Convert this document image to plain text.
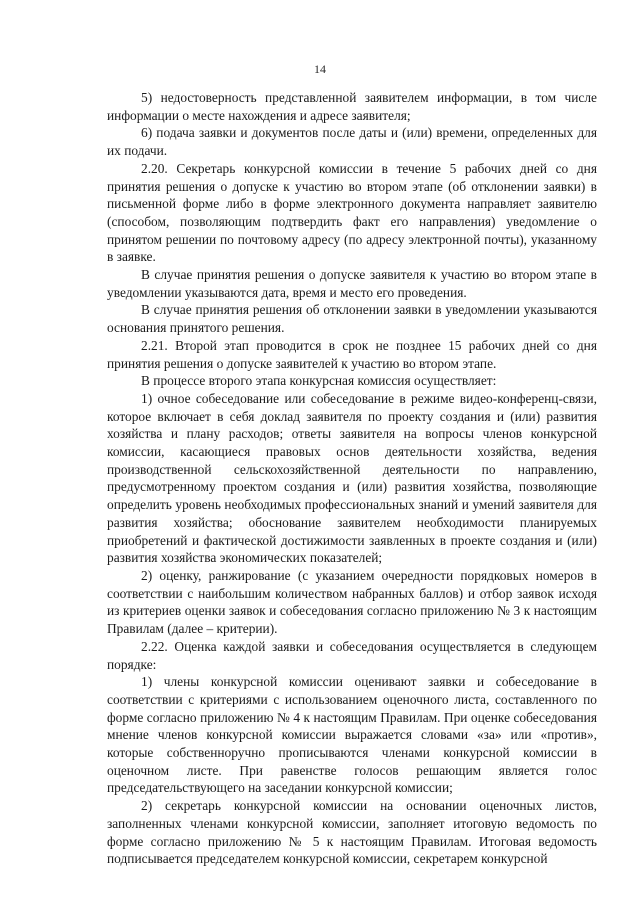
14

5) недостоверность представленной заявителем информации, в том числе информации о месте нахождения и адресе заявителя;

6) подача заявки и документов после даты и (или) времени, определенных для их подачи.

2.20. Секретарь конкурсной комиссии в течение 5 рабочих дней со дня принятия решения о допуске к участию во втором этапе (об отклонении заявки) в письменной форме либо в форме электронного документа направляет заявителю (способом, позволяющим подтвердить факт его направления) уведомление о принятом решении по почтовому адресу (по адресу электронной почты), указанному в заявке.

В случае принятия решения о допуске заявителя к участию во втором этапе в уведомлении указываются дата, время и место его проведения.

В случае принятия решения об отклонении заявки в уведомлении указываются основания принятого решения.

2.21. Второй этап проводится в срок не позднее 15 рабочих дней со дня принятия решения о допуске заявителей к участию во втором этапе.

В процессе второго этапа конкурсная комиссия осуществляет:

1) очное собеседование или собеседование в режиме видео-конференц-связи, которое включает в себя доклад заявителя по проекту создания и (или) развития хозяйства и плану расходов; ответы заявителя на вопросы членов конкурсной комиссии, касающиеся правовых основ деятельности хозяйства, ведения производственной сельскохозяйственной деятельности по направлению, предусмотренному проектом создания и (или) развития хозяйства, позволяющие определить уровень необходимых профессиональных знаний и умений заявителя для развития хозяйства; обоснование заявителем необходимости планируемых приобретений и фактической достижимости заявленных в проекте создания и (или) развития хозяйства экономических показателей;

2) оценку, ранжирование (с указанием очередности порядковых номеров в соответствии с наибольшим количеством набранных баллов) и отбор заявок исходя из критериев оценки заявок и собеседования согласно приложению № 3 к настоящим Правилам (далее – критерии).

2.22. Оценка каждой заявки и собеседования осуществляется в следующем порядке:

1) члены конкурсной комиссии оценивают заявки и собеседование в соответствии с критериями с использованием оценочного листа, составленного по форме согласно приложению № 4 к настоящим Правилам. При оценке собеседования мнение членов конкурсной комиссии выражается словами «за» или «против», которые собственноручно прописываются членами конкурсной комиссии в оценочном листе. При равенстве голосов решающим является голос председательствующего на заседании конкурсной комиссии;

2) секретарь конкурсной комиссии на основании оценочных листов, заполненных членами конкурсной комиссии, заполняет итоговую ведомость по форме согласно приложению № 5 к настоящим Правилам. Итоговая ведомость подписывается председателем конкурсной комиссии, секретарем конкурсной
